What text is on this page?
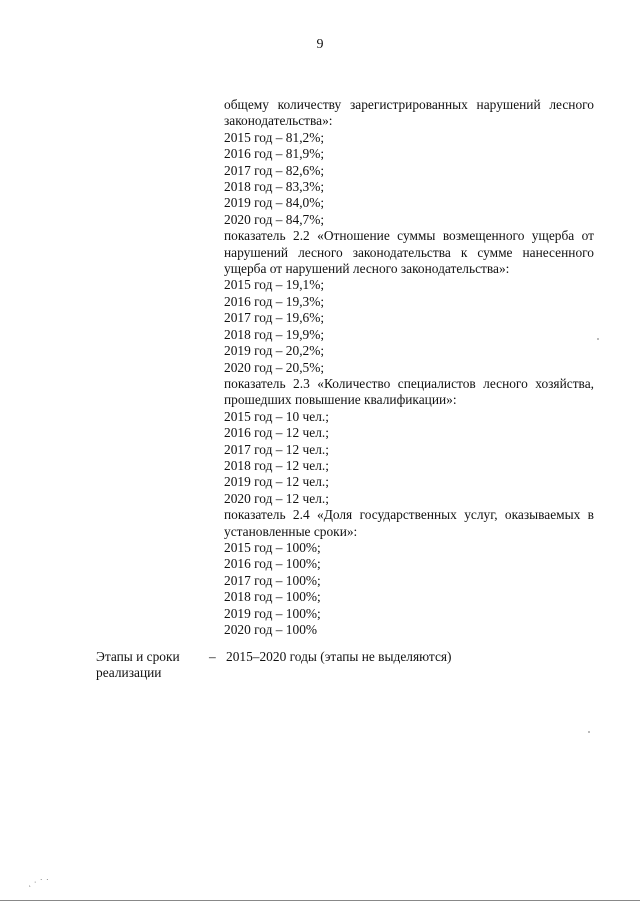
9
общему количеству зарегистрированных нарушений лесного
законодательства»:
2015 год – 81,2%;
2016 год – 81,9%;
2017 год – 82,6%;
2018 год – 83,3%;
2019 год – 84,0%;
2020 год – 84,7%;
показатель 2.2 «Отношение суммы возмещенного ущерба от
нарушений лесного законодательства к сумме нанесенного
ущерба от нарушений лесного законодательства»:
2015 год – 19,1%;
2016 год – 19,3%;
2017 год – 19,6%;
2018 год – 19,9%;
2019 год – 20,2%;
2020 год – 20,5%;
показатель 2.3 «Количество специалистов лесного хозяйства,
прошедших повышение квалификации»:
2015 год – 10 чел.;
2016 год – 12 чел.;
2017 год – 12 чел.;
2018 год – 12 чел.;
2019 год – 12 чел.;
2020 год – 12 чел.;
показатель 2.4 «Доля государственных услуг, оказываемых в
установленные сроки»:
2015 год – 100%;
2016 год – 100%;
2017 год – 100%;
2018 год – 100%;
2019 год – 100%;
2020 год – 100%
Этапы и сроки
реализации
– 2015–2020 годы (этапы не выделяются)
ͅ ᐧ ᐝ ᐝ
